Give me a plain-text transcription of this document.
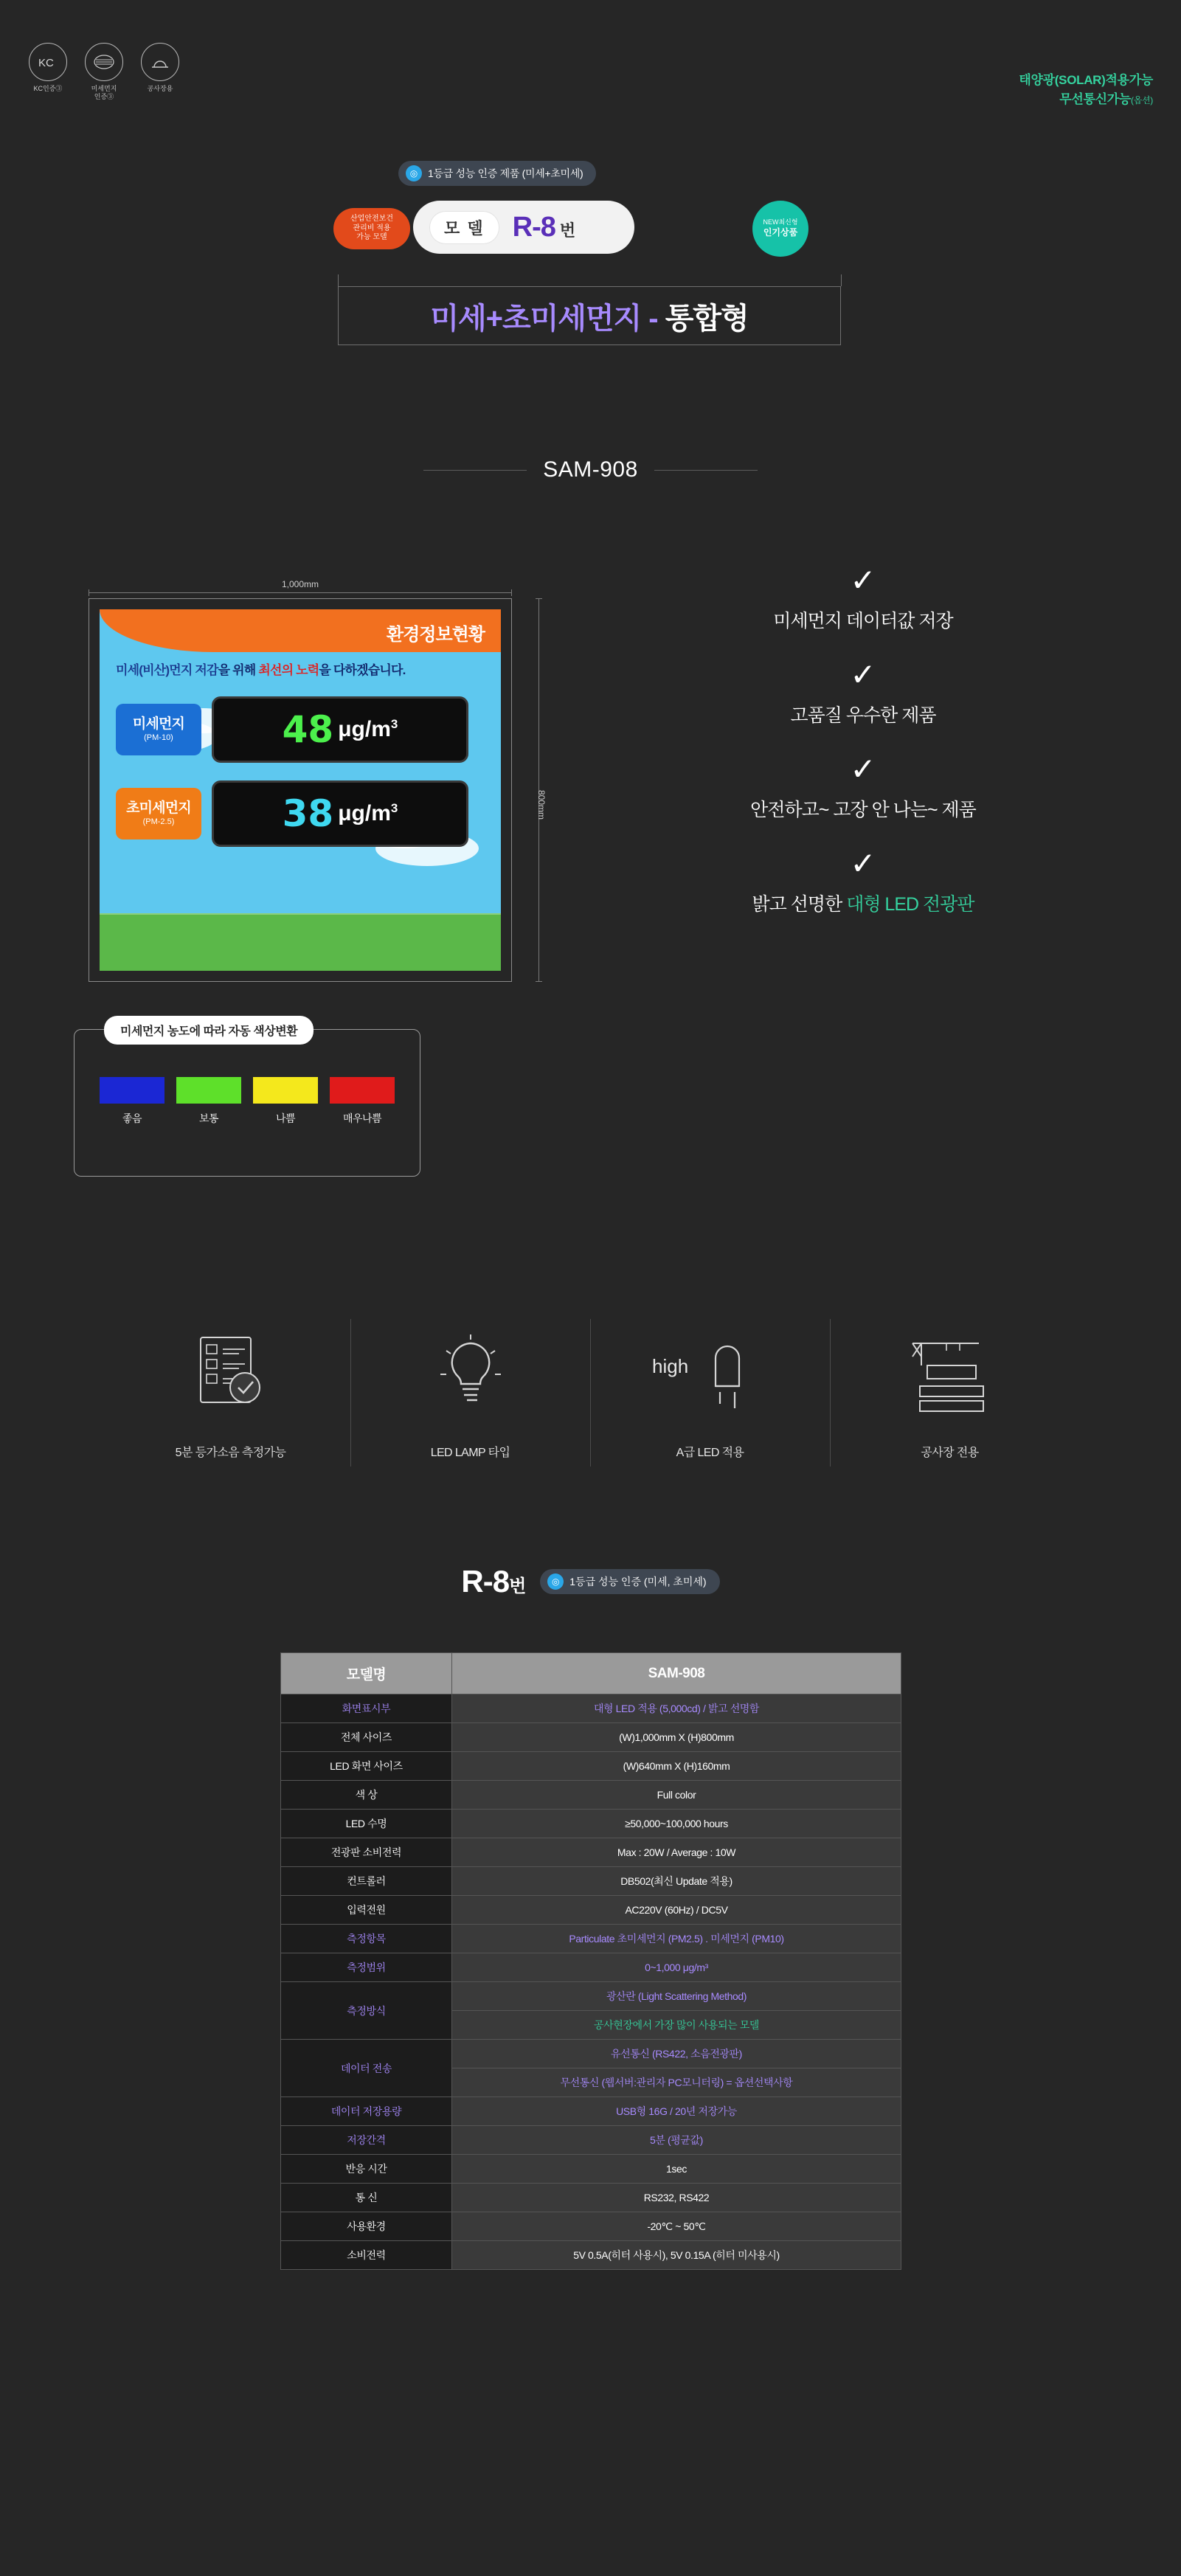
KC
KC인증③	미세먼지
인증③
공사장용
태양광(SOLAR)적용가능
무선통신가능(옵션)
◎ 1등급 성능 인증 제품 (미세+초미세)
산업안전보건
관리비 적용
가능 모델
모 델	R-8 번	NEW최신형
인기상품
미세+초미세먼지 - 통합형
SAM-908
1,000mm
환경정보현황
미세(비산)먼지 저감을 위해 최선의 노력을 다하겠습니다.
미세먼지
(PM-10)	48 $\mu g/m^3$
초미세먼지
(PM-2.5)	38 $\mu g/m^3$	800mm
미세먼지 농도에 따라 자동 색상변환
좋음	보통	나쁨	매우나쁨
✓
미세먼지 데이터값 저장
✓
고품질 우수한 제품
✓
안전하고~ 고장 안 나는~ 제품
✓
밝고 선명한 대형 LED 전광판
5분 등가소음 측정가능	LED LAMP 타입
high
A급 LED 적용	공사장 전용
R-8번	◎ 1등급 성능 인증 (미세, 초미세)
모델명	SAM-908
화면표시부	대형 LED 적용 (5,000cd) / 밝고 선명함
전체 사이즈	(W)1,000mm X (H)800mm
LED 화면 사이즈	(W)640mm X (H)160mm
색 상	Full color
LED 수명	≥50,000~100,000 hours
전광판 소비전력	Max : 20W / Average : 10W
컨트롤러	DB502(최신 Update 적용)
입력전원	AC220V (60Hz) / DC5V
측정항목	Particulate 초미세먼지 (PM2.5) . 미세먼지 (PM10)
측정범위	0~1,000 μg/m³
측정방식	광산란 (Light Scattering Method)
	공사현장에서 가장 많이 사용되는 모델
데이터 전송	유선통신 (RS422, 소음전광판)
	무선통신 (웹서버:관리자 PC모니터링) = 옵션선택사항
데이터 저장용량	USB형 16G / 20년 저장가능
저장간격	5분 (평균값)
반응 시간	1sec
통 신	RS232, RS422
사용환경	-20℃ ~ 50℃
소비전력	5V 0.5A(히터 사용시), 5V 0.15A (히터 미사용시)
